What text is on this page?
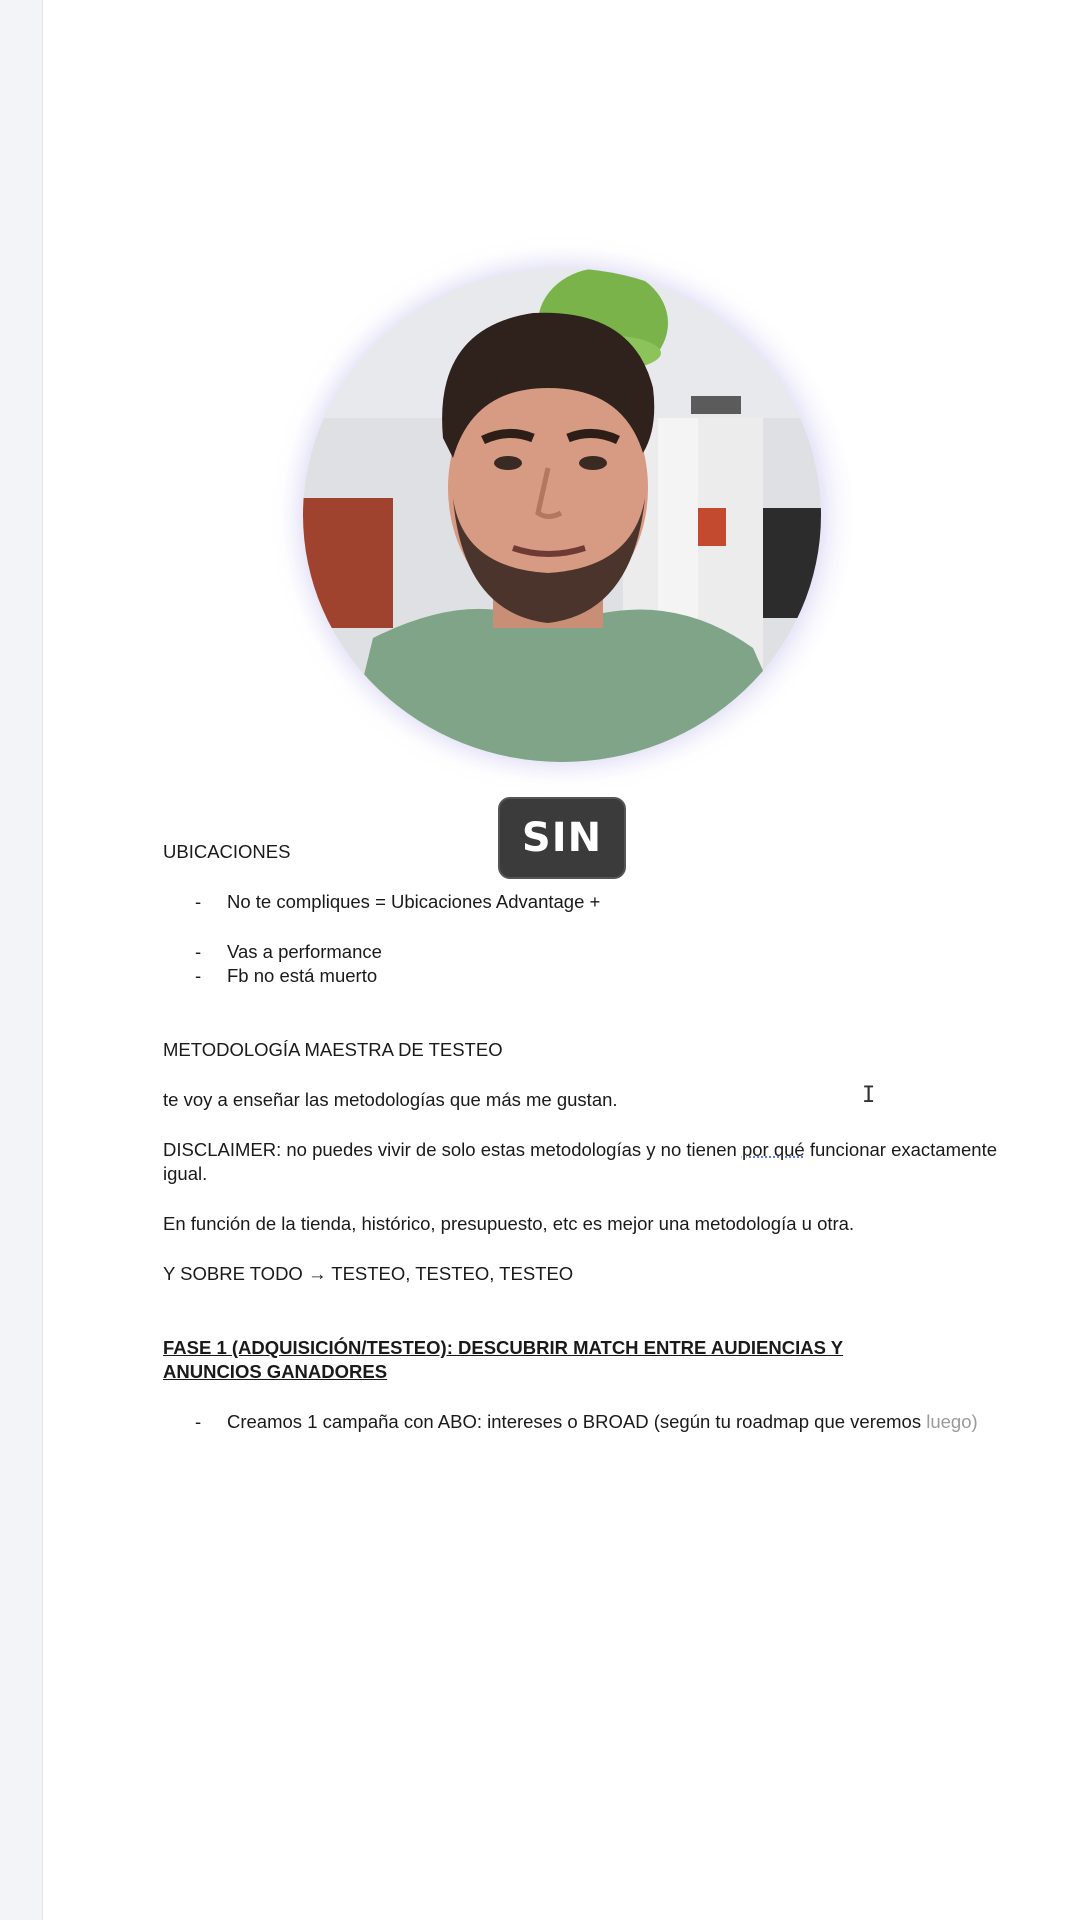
SIN
I

UBICACIONES

- No te compliques = Ubicaciones Advantage +
- Vas a performance
- Fb no está muerto

METODOLOGÍA MAESTRA DE TESTEO

te voy a enseñar las metodologías que más me gustan.

DISCLAIMER: no puedes vivir de solo estas metodologías y no tienen por qué funcionar exactamente igual.

En función de la tienda, histórico, presupuesto, etc es mejor una metodología u otra.

Y SOBRE TODO → TESTEO, TESTEO, TESTEO

FASE 1 (ADQUISICIÓN/TESTEO): DESCUBRIR MATCH ENTRE AUDIENCIAS Y ANUNCIOS GANADORES

- Creamos 1 campaña con ABO: intereses o BROAD (según tu roadmap que veremos luego)
